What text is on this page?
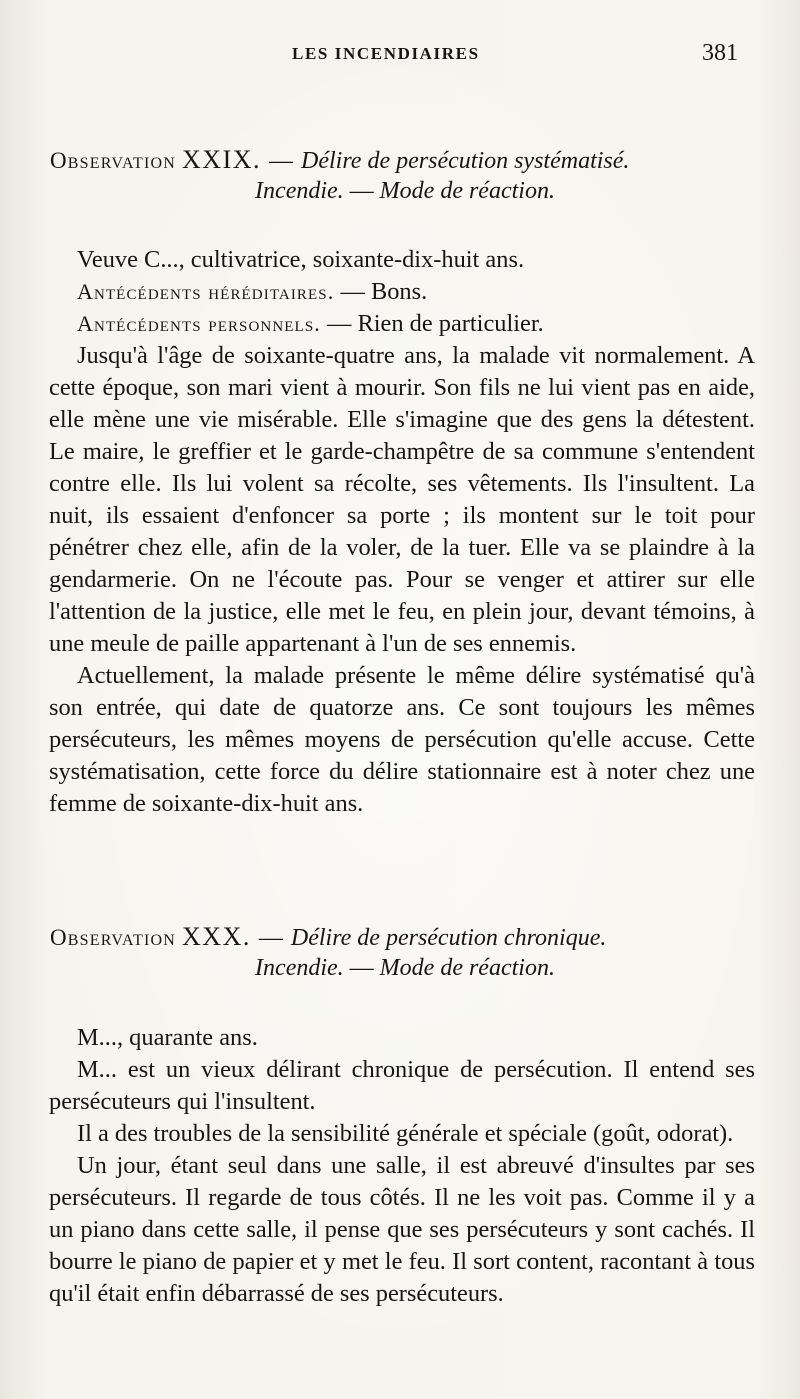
LES INCENDIAIRES	381
Observation XXIX. — Délire de persécution systématisé.
Incendie. — Mode de réaction.

Veuve C..., cultivatrice, soixante-dix-huit ans.

Antécédents héréditaires. — Bons.

Antécédents personnels. — Rien de particulier.

Jusqu'à l'âge de soixante-quatre ans, la malade vit normalement. A cette époque, son mari vient à mourir. Son fils ne lui vient pas en aide, elle mène une vie misérable. Elle s'imagine que des gens la détestent. Le maire, le greffier et le garde-champêtre de sa commune s'entendent contre elle. Ils lui volent sa récolte, ses vêtements. Ils l'insultent. La nuit, ils essaient d'enfoncer sa porte ; ils montent sur le toit pour pénétrer chez elle, afin de la voler, de la tuer. Elle va se plaindre à la gendarmerie. On ne l'écoute pas. Pour se venger et attirer sur elle l'attention de la justice, elle met le feu, en plein jour, devant témoins, à une meule de paille appartenant à l'un de ses ennemis.

Actuellement, la malade présente le même délire systématisé qu'à son entrée, qui date de quatorze ans. Ce sont toujours les mêmes persécuteurs, les mêmes moyens de persécution qu'elle accuse. Cette systématisation, cette force du délire stationnaire est à noter chez une femme de soixante-dix-huit ans.

Observation XXX. — Délire de persécution chronique.
Incendie. — Mode de réaction.

M..., quarante ans.

M... est un vieux délirant chronique de persécution. Il entend ses persécuteurs qui l'insultent.

Il a des troubles de la sensibilité générale et spéciale (goût, odorat).

Un jour, étant seul dans une salle, il est abreuvé d'insultes par ses persécuteurs. Il regarde de tous côtés. Il ne les voit pas. Comme il y a un piano dans cette salle, il pense que ses persécuteurs y sont cachés. Il bourre le piano de papier et y met le feu. Il sort content, racontant à tous qu'il était enfin débarrassé de ses persécuteurs.
